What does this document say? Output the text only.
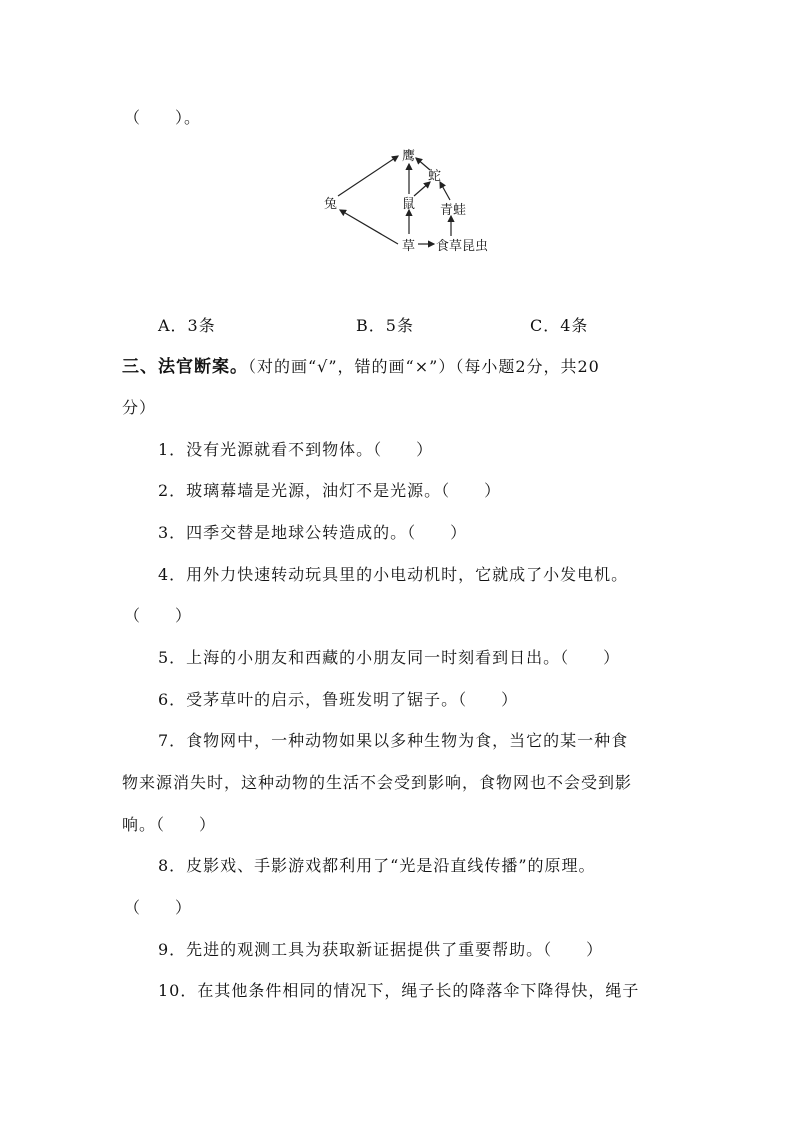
（　　）。
鹰
蛇
兔	鼠 青蛙
草 食草昆虫
A．3条	B．5条	C．4条
三、法官断案。（对的画“√”，错的画“×”）（每小题2分，共20
分）
1．没有光源就看不到物体。（　　）
2．玻璃幕墙是光源，油灯不是光源。（　　）
3．四季交替是地球公转造成的。（　　）
4．用外力快速转动玩具里的小电动机时，它就成了小发电机。
（　　）
5．上海的小朋友和西藏的小朋友同一时刻看到日出。（　　）
6．受茅草叶的启示，鲁班发明了锯子。（　　）
7．食物网中，一种动物如果以多种生物为食，当它的某一种食
物来源消失时，这种动物的生活不会受到影响，食物网也不会受到影
响。（　　）
8．皮影戏、手影游戏都利用了“光是沿直线传播”的原理。
（　　）
9．先进的观测工具为获取新证据提供了重要帮助。（　　）
10．在其他条件相同的情况下，绳子长的降落伞下降得快，绳子
